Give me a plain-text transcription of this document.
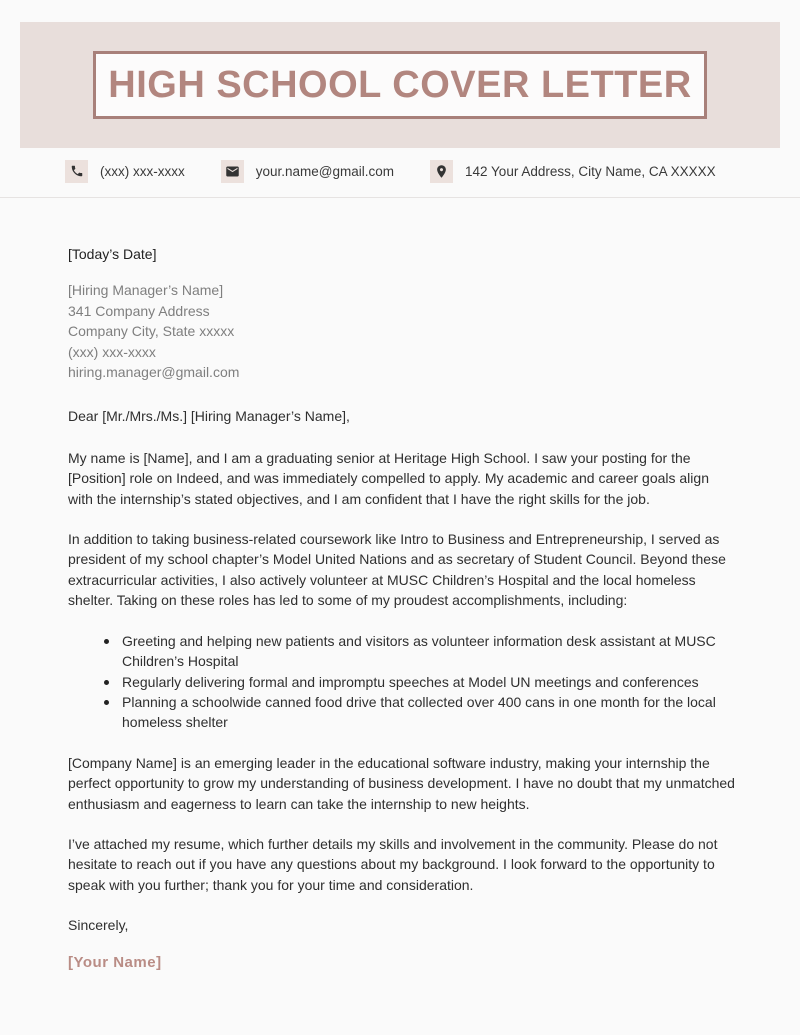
HIGH SCHOOL COVER LETTER
(xxx) xxx-xxxx	your.name@gmail.com	142 Your Address, City Name, CA XXXXX

[Today’s Date]

[Hiring Manager’s Name]
341 Company Address
Company City, State xxxxx
(xxx) xxx-xxxx
hiring.manager@gmail.com

Dear [Mr./Mrs./Ms.] [Hiring Manager’s Name],

My name is [Name], and I am a graduating senior at Heritage High School. I saw your posting for the [Position] role on Indeed, and was immediately compelled to apply. My academic and career goals align with the internship’s stated objectives, and I am confident that I have the right skills for the job.

In addition to taking business-related coursework like Intro to Business and Entrepreneurship, I served as president of my school chapter’s Model United Nations and as secretary of Student Council. Beyond these extracurricular activities, I also actively volunteer at MUSC Children’s Hospital and the local homeless shelter. Taking on these roles has led to some of my proudest accomplishments, including:

Greeting and helping new patients and visitors as volunteer information desk assistant at MUSC Children’s Hospital
Regularly delivering formal and impromptu speeches at Model UN meetings and conferences
Planning a schoolwide canned food drive that collected over 400 cans in one month for the local homeless shelter

[Company Name] is an emerging leader in the educational software industry, making your internship the perfect opportunity to grow my understanding of business development. I have no doubt that my unmatched enthusiasm and eagerness to learn can take the internship to new heights.

I’ve attached my resume, which further details my skills and involvement in the community. Please do not hesitate to reach out if you have any questions about my background. I look forward to the opportunity to speak with you further; thank you for your time and consideration.

Sincerely,

[Your Name]
